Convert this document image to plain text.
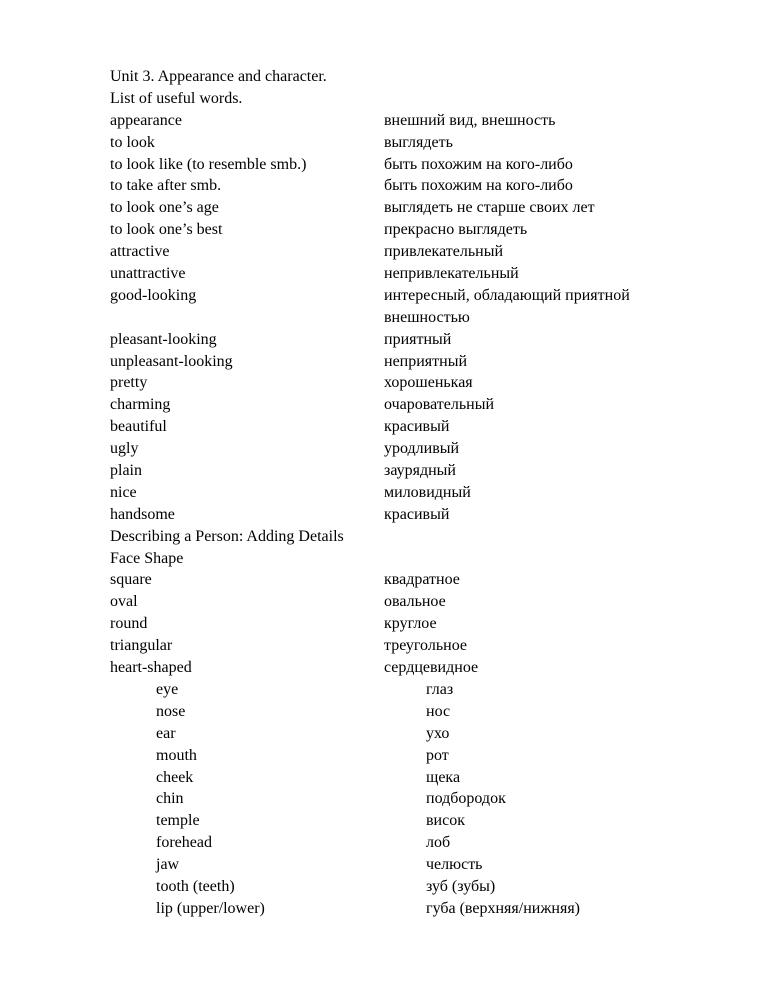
Unit 3. Appearance and character.
List of useful words.
appearance	внешний вид, внешность
to look	выглядеть
to look like (to resemble smb.)	быть похожим на кого-либо
to take after smb.	быть похожим на кого-либо
to look one’s age	выглядеть не старше своих лет
to look one’s best	прекрасно выглядеть
attractive	привлекательный
unattractive	непривлекательный
good-looking	интересный, обладающий приятной
внешностью
pleasant-looking	приятный
unpleasant-looking	неприятный
pretty	хорошенькая
charming	очаровательный
beautiful	красивый
ugly	уродливый
plain	заурядный
nice	миловидный
handsome	красивый
Describing a Person: Adding Details
Face Shape
square	квадратное
oval	овальное
round	круглое
triangular	треугольное
heart-shaped	сердцевидное
eye	глаз
nose	нос
ear	ухо
mouth	рот
cheek	щека
chin	подбородок
temple	висок
forehead	лоб
jaw	челюсть
tooth (teeth)	зуб (зубы)
lip (upper/lower)	губа (верхняя/нижняя)
